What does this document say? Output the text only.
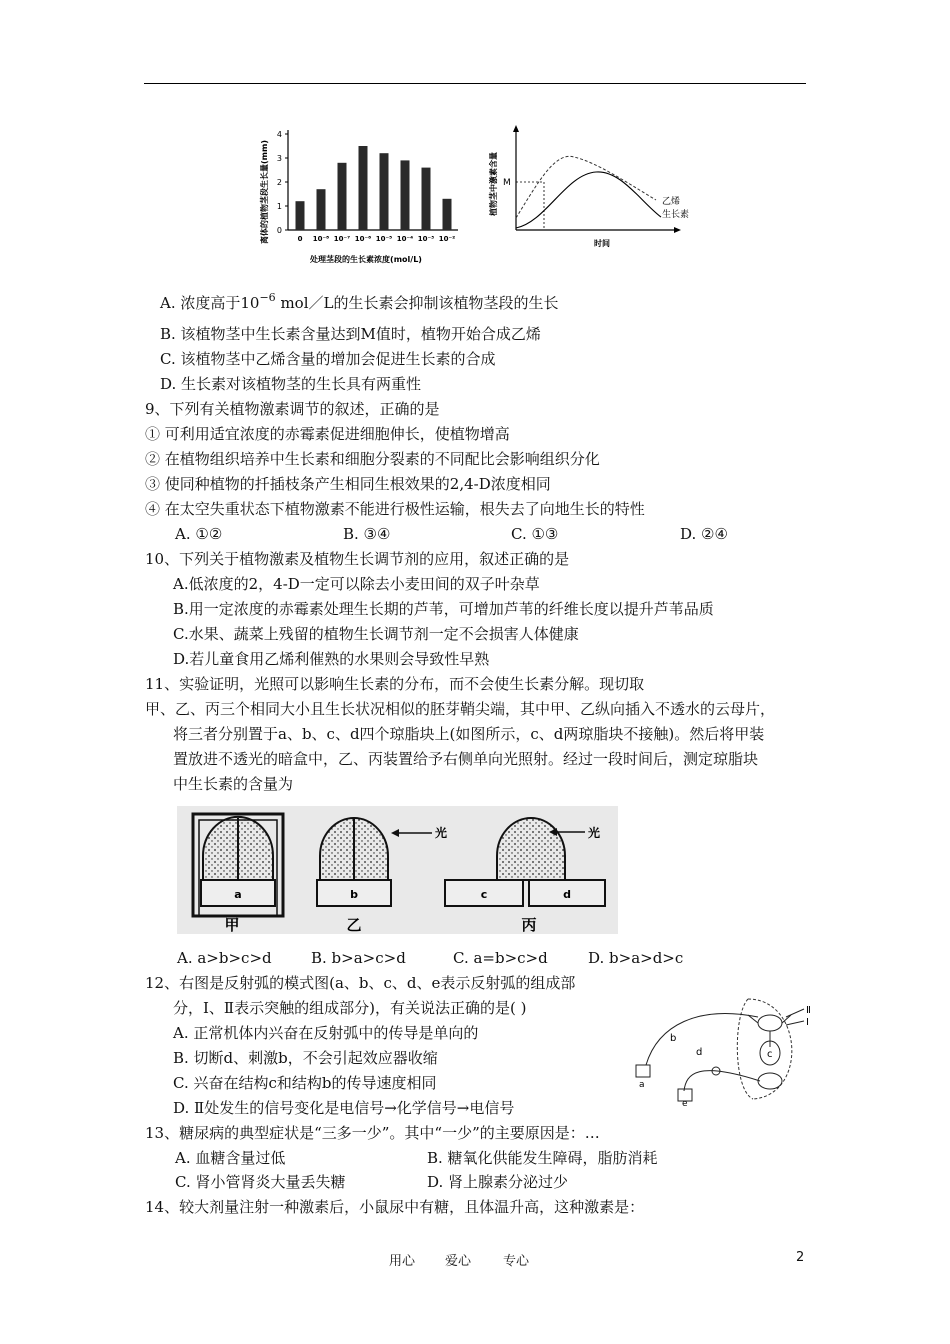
离体的植物茎段生长量(mm) 0
1
2
3
4
0 10⁻⁸ 10⁻⁷ 10⁻⁶ 10⁻⁵ 10⁻⁴ 10⁻³ 10⁻²
处理茎段的生长素浓度(mol/L)
植物茎中激素含量 M
乙烯
生长素
时间
A. 浓度高于$10^{-6}$ mol／L的生长素会抑制该植物茎段的生长
B. 该植物茎中生长素含量达到M值时，植物开始合成乙烯
C. 该植物茎中乙烯含量的增加会促进生长素的合成
D. 生长素对该植物茎的生长具有两重性
9、下列有关植物激素调节的叙述，正确的是
① 可利用适宜浓度的赤霉素促进细胞伸长，使植物增高
② 在植物组织培养中生长素和细胞分裂素的不同配比会影响组织分化
③ 使同种植物的扦插枝条产生相同生根效果的2,4-D浓度相同
④ 在太空失重状态下植物激素不能进行极性运输，根失去了向地生长的特性
A. ①②	B. ③④	C. ①③	D. ②④
10、下列关于植物激素及植物生长调节剂的应用，叙述正确的是
A.低浓度的2，4-D一定可以除去小麦田间的双子叶杂草
B.用一定浓度的赤霉素处理生长期的芦苇，可增加芦苇的纤维长度以提升芦苇品质
C.水果、蔬菜上残留的植物生长调节剂一定不会损害人体健康
D.若儿童食用乙烯利催熟的水果则会导致性早熟
11、实验证明，光照可以影响生长素的分布，而不会使生长素分解。现切取
甲、乙、丙三个相同大小且生长状况相似的胚芽鞘尖端，其中甲、乙纵向插入不透水的云母片，
将三者分别置于a、b、c、d四个琼脂块上(如图所示，c、d两琼脂块不接触)。然后将甲装
置放进不透光的暗盒中，乙、丙装置给予右侧单向光照射。经过一段时间后，测定琼脂块
中生长素的含量为
a
甲
b
光
乙
c	d
光
丙
A. a>b>c>d	B. b>a>c>d	C. a=b>c>d	D. b>a>d>c
12、右图是反射弧的模式图(a、b、c、d、e表示反射弧的组成部
分，Ⅰ、Ⅱ表示突触的组成部分)，有关说法正确的是( )
A. 正常机体内兴奋在反射弧中的传导是单向的
B. 切断d、刺激b，不会引起效应器收缩
C. 兴奋在结构c和结构b的传导速度相同
D. Ⅱ处发生的信号变化是电信号→化学信号→电信号
c
Ⅱ
Ⅰ
b
a
d
e
13、糖尿病的典型症状是“三多一少”。其中“一少”的主要原因是：…
A. 血糖含量过低	B. 糖氧化供能发生障碍，脂肪消耗
C. 肾小管肾炎大量丢失糖	D. 肾上腺素分泌过少
14、较大剂量注射一种激素后，小鼠尿中有糖，且体温升高，这种激素是：
用心 爱心 专心	2
